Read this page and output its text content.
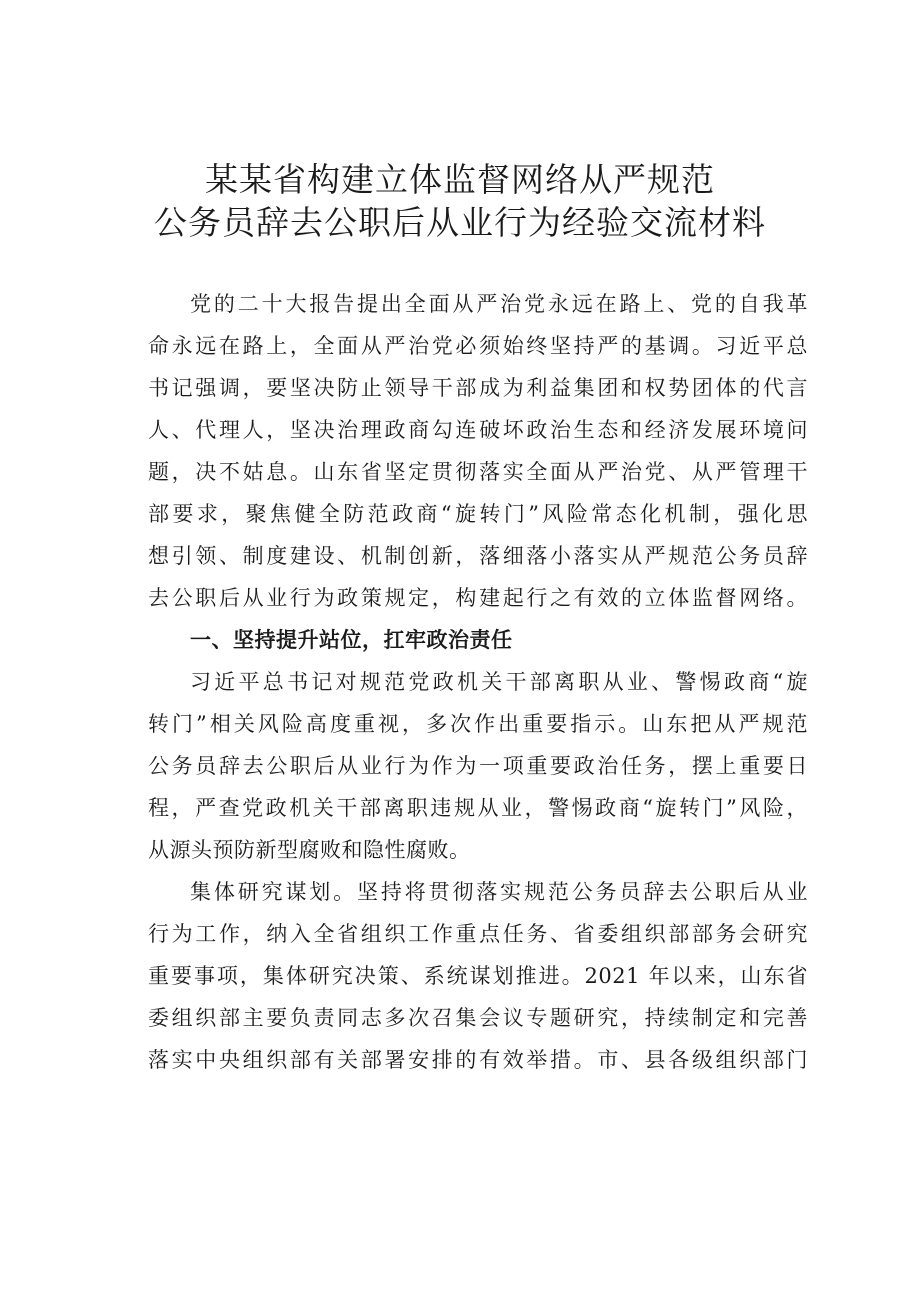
某某省构建立体监督网络从严规范
公务员辞去公职后从业行为经验交流材料
党的二十大报告提出全面从严治党永远在路上、党的自我革
命永远在路上，全面从严治党必须始终坚持严的基调。习近平总
书记强调，要坚决防止领导干部成为利益集团和权势团体的代言
人、代理人，坚决治理政商勾连破坏政治生态和经济发展环境问
题，决不姑息。山东省坚定贯彻落实全面从严治党、从严管理干
部要求，聚焦健全防范政商“旋转门”风险常态化机制，强化思
想引领、制度建设、机制创新，落细落小落实从严规范公务员辞
去公职后从业行为政策规定，构建起行之有效的立体监督网络。
一、坚持提升站位，扛牢政治责任
习近平总书记对规范党政机关干部离职从业、警惕政商“旋
转门”相关风险高度重视，多次作出重要指示。山东把从严规范
公务员辞去公职后从业行为作为一项重要政治任务，摆上重要日
程，严查党政机关干部离职违规从业，警惕政商“旋转门”风险，
从源头预防新型腐败和隐性腐败。
集体研究谋划。坚持将贯彻落实规范公务员辞去公职后从业
行为工作，纳入全省组织工作重点任务、省委组织部部务会研究
重要事项，集体研究决策、系统谋划推进。2021 年以来，山东省
委组织部主要负责同志多次召集会议专题研究，持续制定和完善
落实中央组织部有关部署安排的有效举措。市、县各级组织部门
